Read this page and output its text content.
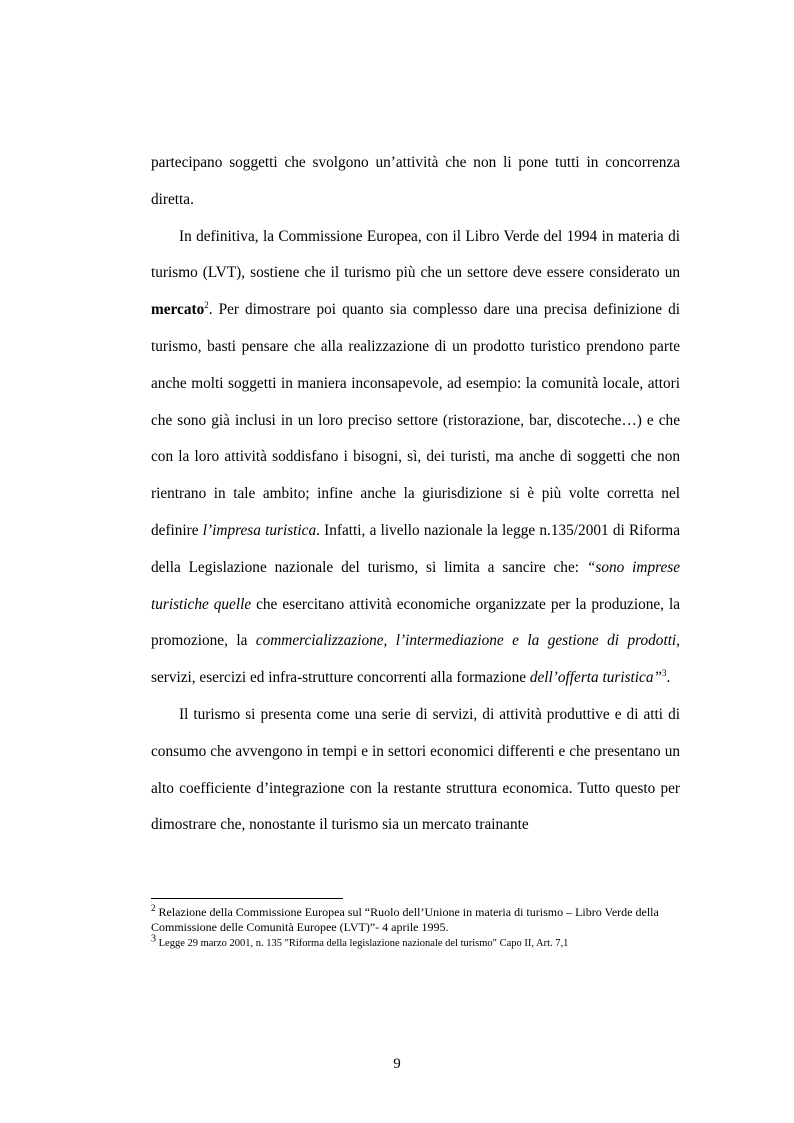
partecipano soggetti che svolgono un’attività che non li pone tutti in concorrenza diretta.

In definitiva, la Commissione Europea, con il Libro Verde del 1994 in materia di turismo (LVT), sostiene che il turismo più che un settore deve essere considerato un mercato$^2$. Per dimostrare poi quanto sia complesso dare una precisa definizione di turismo, basti pensare che alla realizzazione di un prodotto turistico prendono parte anche molti soggetti in maniera inconsapevole, ad esempio: la comunità locale, attori che sono già inclusi in un loro preciso settore (ristorazione, bar, discoteche…) e che con la loro attività soddisfano i bisogni, sì, dei turisti, ma anche di soggetti che non rientrano in tale ambito; infine anche la giurisdizione si è più volte corretta nel definire l’impresa turistica. Infatti, a livello nazionale la legge n.135/2001 di Riforma della Legislazione nazionale del turismo, si limita a sancire che: “sono imprese turistiche quelle che esercitano attività economiche organizzate per la produzione, la promozione, la commercializzazione, l’intermediazione e la gestione di prodotti, servizi, esercizi ed infra-strutture concorrenti alla formazione dell’offerta turistica”$^3$.

Il turismo si presenta come una serie di servizi, di attività produttive e di atti di consumo che avvengono in tempi e in settori economici differenti e che presentano un alto coefficiente d’integrazione con la restante struttura economica. Tutto questo per dimostrare che, nonostante il turismo sia un mercato trainante

$^2$ Relazione della Commissione Europea sul “Ruolo dell’Unione in materia di turismo – Libro Verde della Commissione delle Comunità Europee (LVT)”- 4 aprile 1995.

$^3$ Legge 29 marzo 2001, n. 135 "Riforma della legislazione nazionale del turismo" Capo II, Art. 7,1

9
